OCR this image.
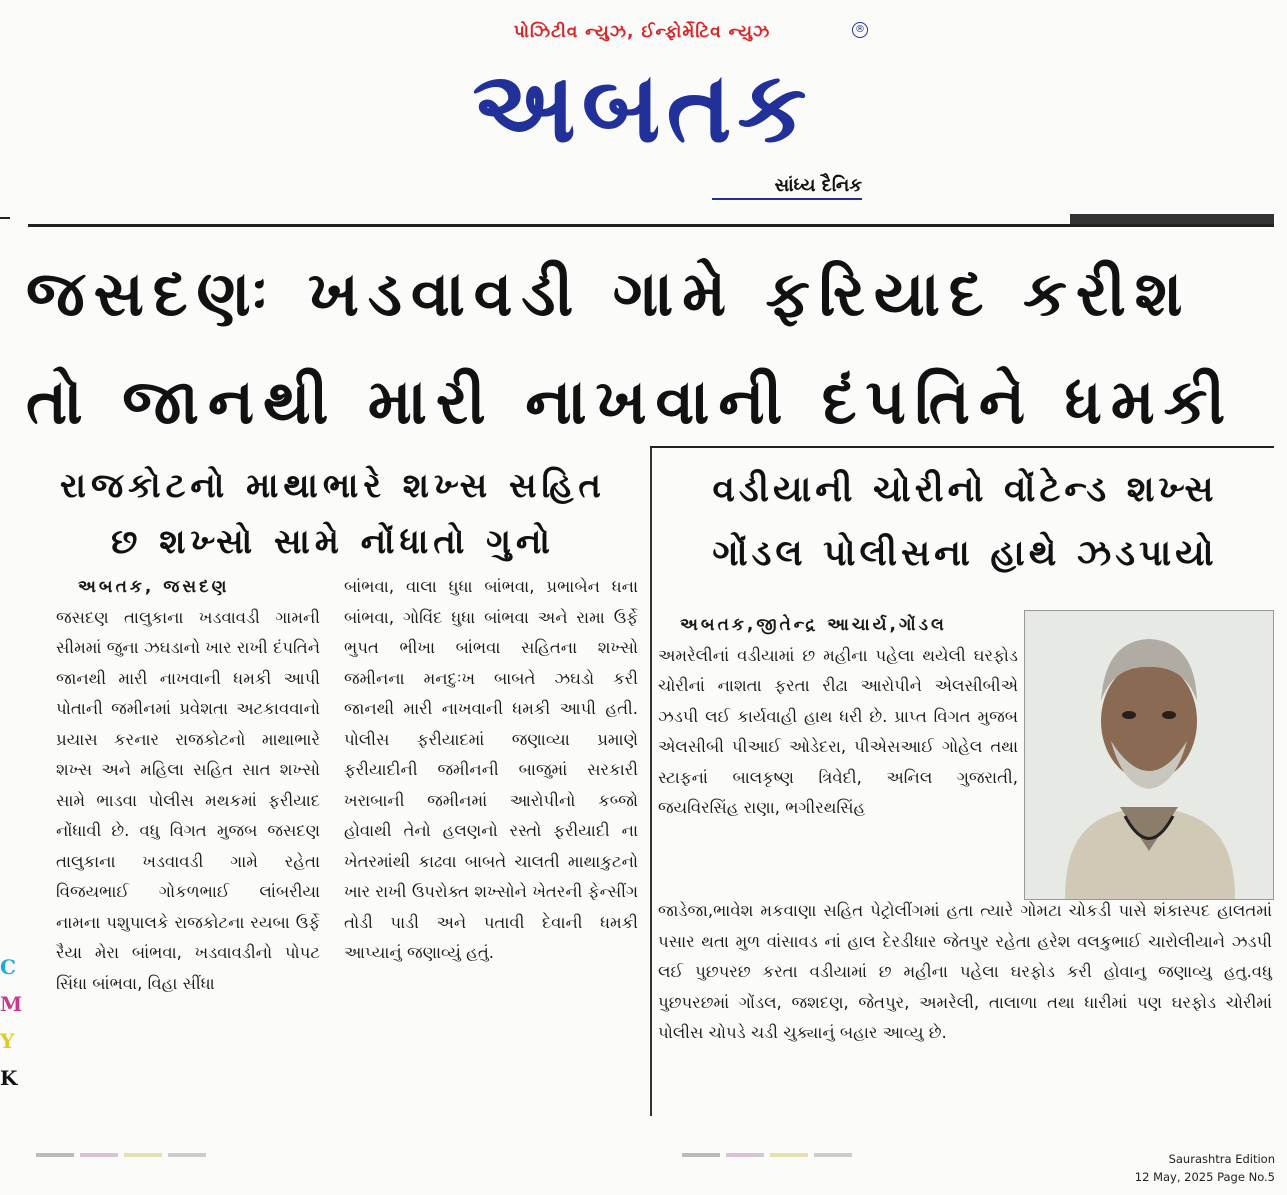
પોઝિટીવ ન્યુઝ, ઈન્ફોર્મેટિવ ન્યુઝ
અબતક
®
સાંધ્ય દૈનિક
જસદણઃ ખડવાવડી ગામે ફરિયાદ કરીશ
તો જાનથી મારી નાખવાની દંપતિને ધમકી
રાજકોટનો માથાભારે શખ્સ સહિત
છ શખ્સો સામે નોંધાતો ગુનો
અબતક, જસદણ

જસદણ તાલુકાના ખડવાવડી ગામની સીમમાં જુના ઝઘડાનો ખાર રાખી દંપતિને જાનથી મારી નાખવાની ધમકી આપી પોતાની જમીનમાં પ્રવેશતા અટકાવવાનો પ્રયાસ કરનાર રાજકોટનો માથાભારે શખ્સ અને મહિલા સહિત સાત શખ્સો સામે ભાડવા પોલીસ મથકમાં ફરીયાદ નોંધાવી છે. વધુ વિગત મુજબ જસદણ તાલુકાના ખડવાવડી ગામે રહેતા વિજયભાઈ ગોકળભાઈ લાંબરીયા નામના પશુપાલકે રાજકોટના રયબા ઉર્ફે રૈયા મેરા બાંભવા, ખડવાવડીનો પોપટ સિંધા બાંભવા, વિહા સીંધા

બાંભવા, વાલા ધુધા બાંભવા, પ્રભાબેન ધના બાંભવા, ગોવિંદ ધુધા બાંભવા અને રામા ઉર્ફે ભુપત ભીખા બાંભવા સહિતના શખ્સો જમીનના મનદુઃખ બાબતે ઝઘડો કરી જાનથી મારી નાખવાની ધમકી આપી હતી. પોલીસ ફરીયાદમાં જણાવ્યા પ્રમાણે ફરીયાદીની જમીનની બાજુમાં સરકારી ખરાબાની જમીનમાં આરોપીનો કબ્જો હોવાથી તેનો હલણનો રસ્તો ફરીયાદી ના ખેતરમાંથી કાઢવા બાબતે ચાલતી માથાકુટનો ખાર રાખી ઉપરોક્ત શખ્સોને ખેતરની ફેન્સીંગ તોડી પાડી અને પતાવી દેવાની ધમકી આપ્યાનું જણાવ્યું હતું.

વડીયાની ચોરીનો વોંટેન્ડ શખ્સ
ગોંડલ પોલીસના હાથે ઝડપાયો
અબતક,જીતેન્દ્ર આચાર્ય,ગોંડલ

અમરેલીનાં વડીયામાં છ મહીના પહેલા થયેલી ઘરફોડ ચોરીનાં નાશતા ફરતા રીઢા આરોપીને એલસીબીએ ઝડપી લઈ કાર્યવાહી હાથ ધરી છે. પ્રાપ્ત વિગત મુજબ એલસીબી પીઆઈ ઓડેદરા, પીએસઆઈ ગોહેલ તથા સ્ટાફનાં બાલકૃષ્ણ ત્રિવેદી, અનિલ ગુજરાતી, જયવિરસિંહ રાણા, ભગીરથસિંહ

જાડેજા,ભાવેશ મકવાણા સહિત પેટ્રોલીંગમાં હતા ત્યારે ગોમટા ચોકડી પાસે શંકાસ્પદ હાલતમાં પસાર થતા મુળ વાંસાવડ નાં હાલ દેરડીધાર જેતપુર રહેતા હરેશ વલકુભાઈ ચારોલીયાને ઝડપી લઈ પુછપરછ કરતા વડીયામાં છ મહીના પહેલા ઘરફોડ કરી હોવાનુ જણાવ્યુ હતુ.વધુ પુછપરછમાં ગોંડલ, જશદણ, જેતપુર, અમરેલી, તાલાળા તથા ધારીમાં પણ ઘરફોડ ચોરીમાં પોલીસ ચોપડે ચડી ચુક્યાનું બહાર આવ્યુ છે.

C
M
Y
K
Saurashtra Edition
12 May, 2025 Page No.5
